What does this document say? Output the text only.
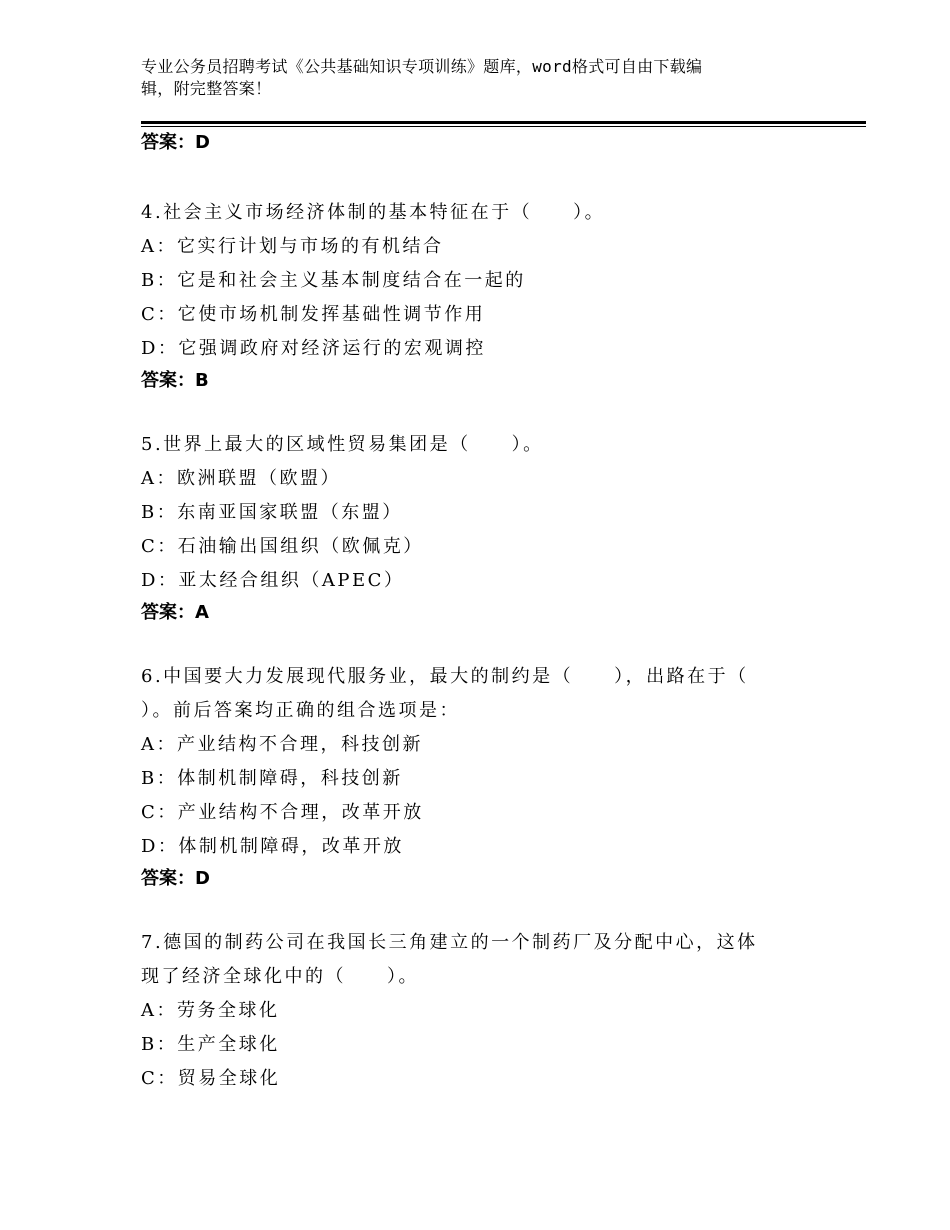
专业公务员招聘考试《公共基础知识专项训练》题库，word格式可自由下载编
辑，附完整答案！
答案：D
4.社会主义市场经济体制的基本特征在于（　　）。
A：它实行计划与市场的有机结合
B：它是和社会主义基本制度结合在一起的
C：它使市场机制发挥基础性调节作用
D：它强调政府对经济运行的宏观调控
答案：B
5.世界上最大的区域性贸易集团是（　　）。
A：欧洲联盟（欧盟）
B：东南亚国家联盟（东盟）
C：石油输出国组织（欧佩克）
D：亚太经合组织（APEC）
答案：A
6.中国要大力发展现代服务业，最大的制约是（　　），出路在于（
）。前后答案均正确的组合选项是：
A：产业结构不合理，科技创新
B：体制机制障碍，科技创新
C：产业结构不合理，改革开放
D：体制机制障碍，改革开放
答案：D
7.德国的制药公司在我国长三角建立的一个制药厂及分配中心，这体
现了经济全球化中的（　　）。
A：劳务全球化
B：生产全球化
C：贸易全球化
